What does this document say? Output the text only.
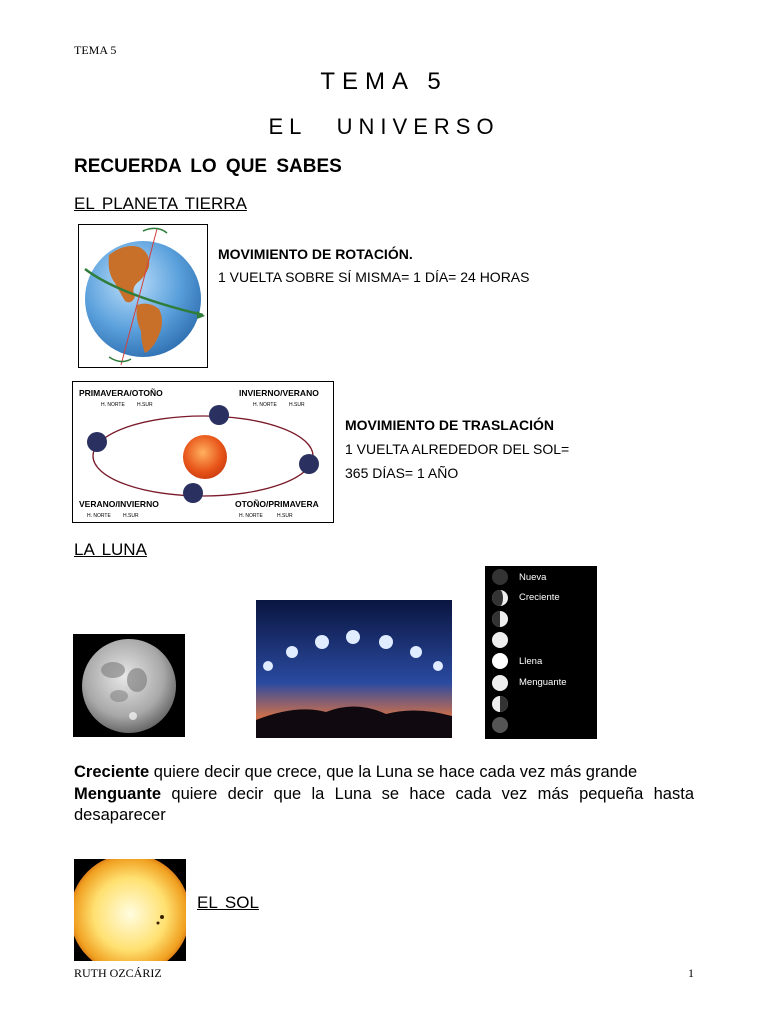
TEMA 5
TEMA 5
EL UNIVERSO
RECUERDA LO QUE SABES
EL PLANETA TIERRA
MOVIMIENTO DE ROTACIÓN.
1 VUELTA SOBRE SÍ MISMA= 1 DÍA= 24 HORAS
PRIMAVERA/OTOÑO	INVIERNO/VERANO
VERANO/INVIERNO	OTOÑO/PRIMAVERA
H. NORTE H.SUR	H. NORTE H.SUR
H. NORTE H.SUR	H. NORTE	H.SUR
MOVIMIENTO DE TRASLACIÓN
1 VUELTA ALREDEDOR DEL SOL=
365 DÍAS= 1 AÑO
LA LUNA
Nueva
Creciente
Llena
Menguante
Creciente quiere decir que crece, que la Luna se hace cada vez más grande
Menguante quiere decir que la Luna se hace cada vez más pequeña hasta desaparecer
EL SOL
RUTH OZCÁRIZ	1
